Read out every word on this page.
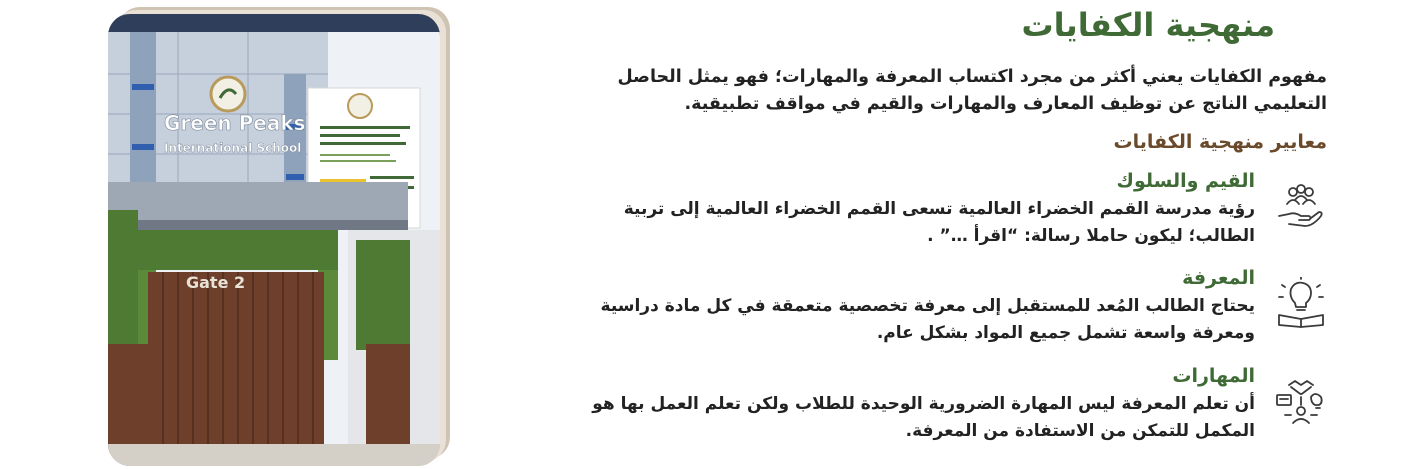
Green Peaks
International School
Gate 2
منهجية الكفايات

مفهوم الكفايات يعني أكثر من مجرد اكتساب المعرفة والمهارات؛ فهو يمثل الحاصل التعليمي الناتج عن توظيف المعارف والمهارات والقيم في مواقف تطبيقية.

معايير منهجية الكفايات
القيم والسلوك

رؤية مدرسة القمم الخضراء العالمية تسعى القمم الخضراء العالمية إلى تربية الطالب؛ ليكون حاملا رسالة: “اقرأ …” .

المعرفة

يحتاج الطالب المُعد للمستقبل إلى معرفة تخصصية متعمقة في كل مادة دراسية ومعرفة واسعة تشمل جميع المواد بشكل عام.

المهارات

أن تعلم المعرفة ليس المهارة الضرورية الوحيدة للطلاب ولكن تعلم العمل بها هو المكمل للتمكن من الاستفادة من المعرفة.
